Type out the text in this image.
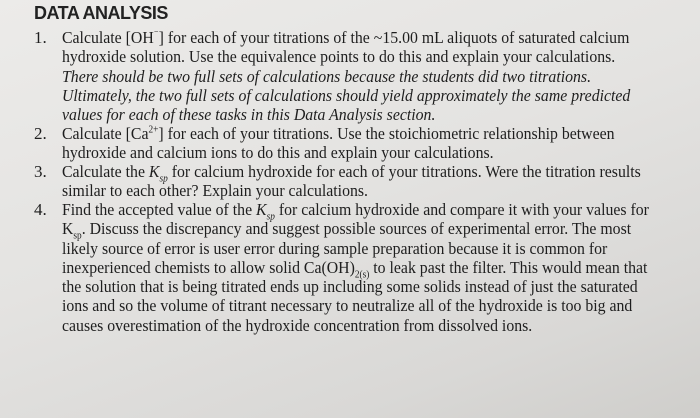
DATA ANALYSIS
1. Calculate [OH⁻] for each of your titrations of the ~15.00 mL aliquots of saturated calcium
hydroxide solution. Use the equivalence points to do this and explain your calculations.
There should be two full sets of calculations because the students did two titrations.
Ultimately, the two full sets of calculations should yield approximately the same predicted
values for each of these tasks in this Data Analysis section.
2. Calculate $[Ca^{2+}]$ for each of your titrations. Use the stoichiometric relationship between
hydroxide and calcium ions to do this and explain your calculations.
3. Calculate the $K_{sp}$ for calcium hydroxide for each of your titrations. Were the titration results
similar to each other? Explain your calculations.
4. Find the accepted value of the $K_{sp}$ for calcium hydroxide and compare it with your values for
$K_{sp}$. Discuss the discrepancy and suggest possible sources of experimental error. The most
likely source of error is user error during sample preparation because it is common for
inexperienced chemists to allow solid $Ca(OH)_{2(s)}$ to leak past the filter. This would mean that
the solution that is being titrated ends up including some solids instead of just the saturated
ions and so the volume of titrant necessary to neutralize all of the hydroxide is too big and
causes overestimation of the hydroxide concentration from dissolved ions.
